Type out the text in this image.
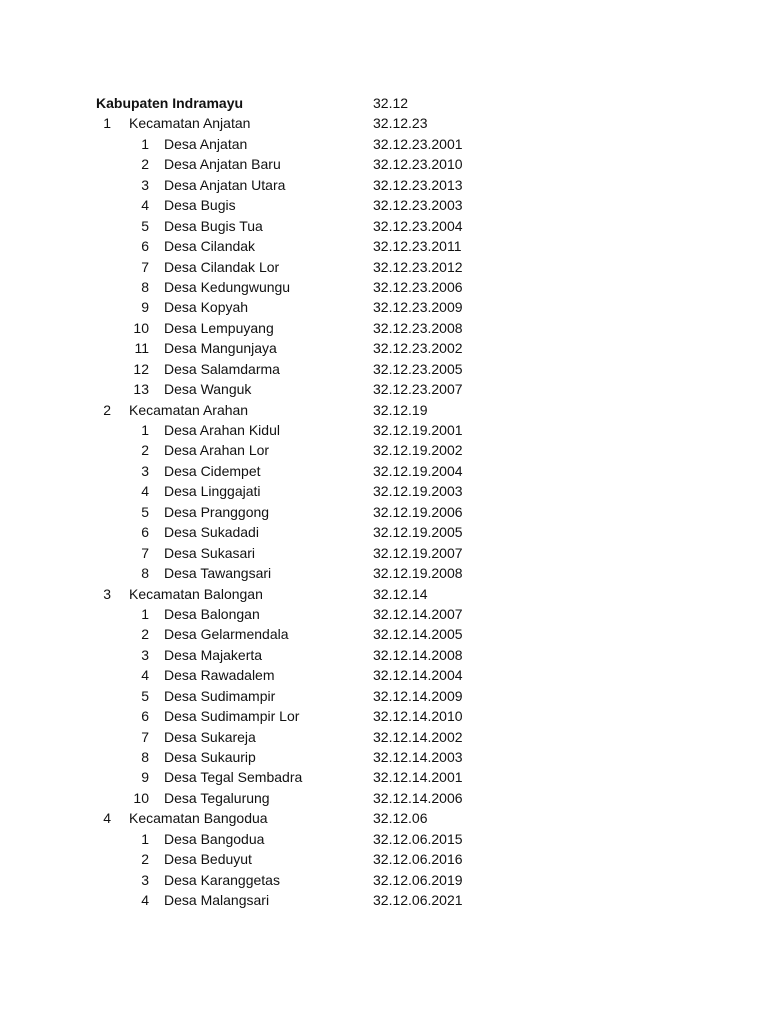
Kabupaten Indramayu	32.12
1 Kecamatan Anjatan	32.12.23
1 Desa Anjatan	32.12.23.2001
2 Desa Anjatan Baru	32.12.23.2010
3 Desa Anjatan Utara	32.12.23.2013
4 Desa Bugis	32.12.23.2003
5 Desa Bugis Tua	32.12.23.2004
6 Desa Cilandak	32.12.23.2011
7 Desa Cilandak Lor	32.12.23.2012
8 Desa Kedungwungu	32.12.23.2006
9 Desa Kopyah	32.12.23.2009
10 Desa Lempuyang	32.12.23.2008
11 Desa Mangunjaya	32.12.23.2002
12 Desa Salamdarma	32.12.23.2005
13 Desa Wanguk	32.12.23.2007
2 Kecamatan Arahan	32.12.19
1 Desa Arahan Kidul	32.12.19.2001
2 Desa Arahan Lor	32.12.19.2002
3 Desa Cidempet	32.12.19.2004
4 Desa Linggajati	32.12.19.2003
5 Desa Pranggong	32.12.19.2006
6 Desa Sukadadi	32.12.19.2005
7 Desa Sukasari	32.12.19.2007
8 Desa Tawangsari	32.12.19.2008
3 Kecamatan Balongan	32.12.14
1 Desa Balongan	32.12.14.2007
2 Desa Gelarmendala	32.12.14.2005
3 Desa Majakerta	32.12.14.2008
4 Desa Rawadalem	32.12.14.2004
5 Desa Sudimampir	32.12.14.2009
6 Desa Sudimampir Lor	32.12.14.2010
7 Desa Sukareja	32.12.14.2002
8 Desa Sukaurip	32.12.14.2003
9 Desa Tegal Sembadra	32.12.14.2001
10 Desa Tegalurung	32.12.14.2006
4 Kecamatan Bangodua	32.12.06
1 Desa Bangodua	32.12.06.2015
2 Desa Beduyut	32.12.06.2016
3 Desa Karanggetas	32.12.06.2019
4 Desa Malangsari	32.12.06.2021
